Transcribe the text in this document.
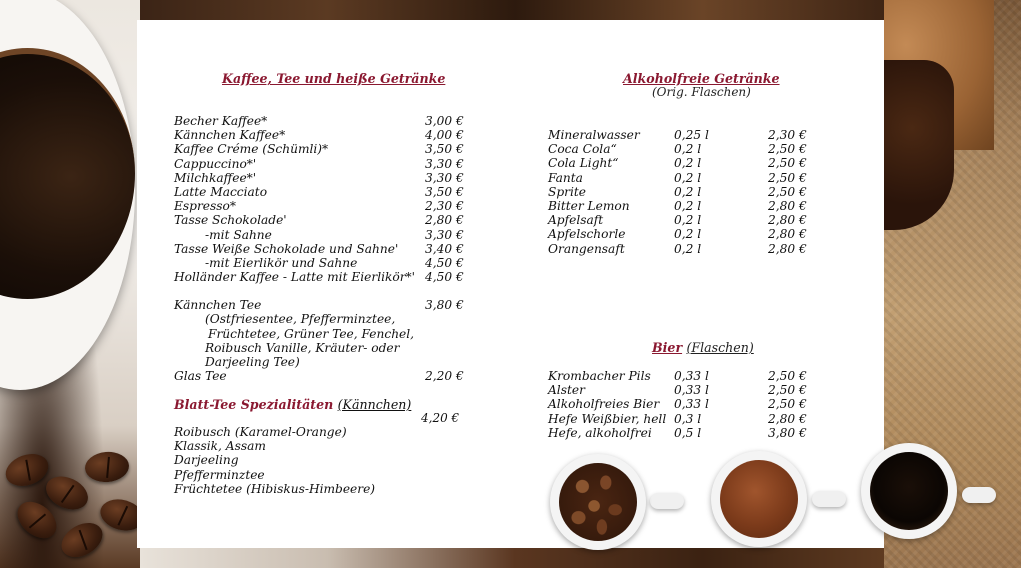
Kaffee, Tee und heiße Getränke
Becher Kaffee*	3,00 €
Kännchen Kaffee*	4,00 €
Kaffee Créme (Schümli)*	3,50 €
Cappuccino*'	3,30 €
Milchkaffee*'	3,30 €
Latte Macciato	3,50 €
Espresso*	2,30 €
Tasse Schokolade'	2,80 €
-mit Sahne	3,30 €
Tasse Weiße Schokolade und Sahne' 3,40 €
-mit Eierlikör und Sahne	4,50 €
Holländer Kaffee - Latte mit Eierlikör*' 4,50 €
Kännchen Tee	3,80 €
(Ostfriesentee, Pfefferminztee,
Früchtetee, Grüner Tee, Fenchel,
Roibusch Vanille, Kräuter- oder
Darjeeling Tee)
Glas Tee	2,20 €
Blatt-Tee Spezialitäten (Kännchen)
4,20 €
Roibusch (Karamel-Orange)
Klassik, Assam
Darjeeling
Pfefferminztee
Früchtetee (Hibiskus-Himbeere)
Alkoholfreie Getränke
(Orig. Flaschen)
Mineralwasser	0,25 l	2,30 €
Coca Cola“	0,2 l	2,50 €
Cola Light“	0,2 l	2,50 €
Fanta	0,2 l	2,50 €
Sprite	0,2 l	2,50 €
Bitter Lemon	0,2 l	2,80 €
Apfelsaft	0,2 l	2,80 €
Apfelschorle	0,2 l	2,80 €
Orangensaft	0,2 l	2,80 €
Bier (Flaschen)
Krombacher Pils 0,33 l	2,50 €
Alster	0,33 l	2,50 €
Alkoholfreies Bier 0,33 l	2,50 €
Hefe Weißbier, hell 0,3 l	2,80 €
Hefe, alkoholfrei 0,5 l	3,80 €
